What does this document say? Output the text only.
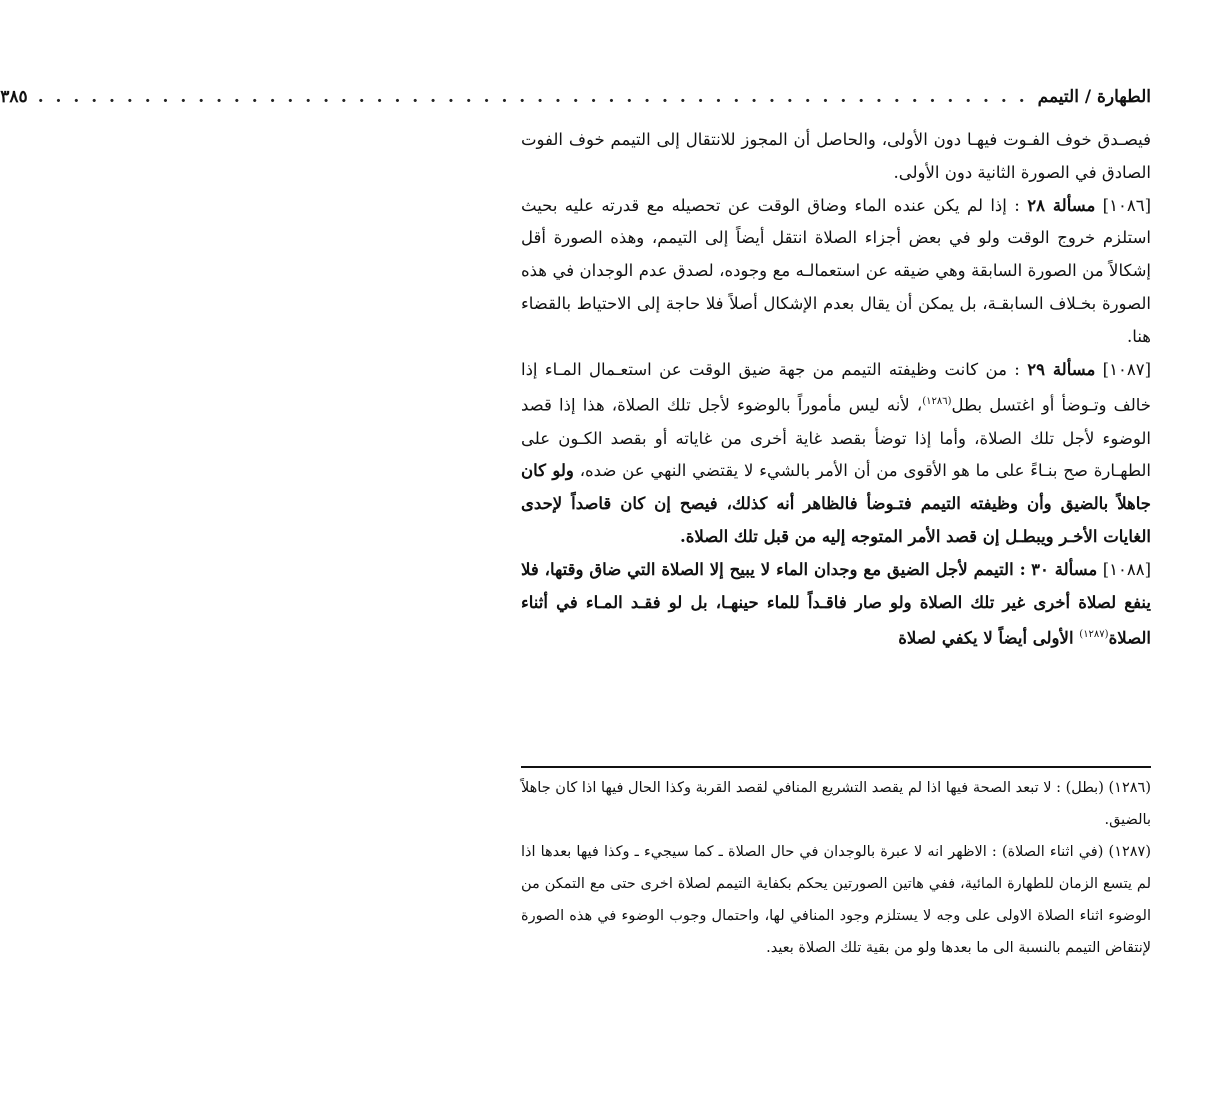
الطهارة / التيمم
. . . . . . . . . . . . . . . . . . . . . . . . . . . . . . . . . . . . . . . . . . . . . . . . . . . . . . . .
٣٨٥

فيصـدق خوف الفـوت فيهـا دون الأولى، والحاصل أن المجوز للانتقال إلى التيمم خوف الفوت الصادق في الصورة الثانية دون الأولى.

[١٠٨٦] مسألة ٢٨ : إذا لم يكن عنده الماء وضاق الوقت عن تحصيله مع قدرته عليه بحيث استلزم خروج الوقت ولو في بعض أجزاء الصلاة انتقل أيضاً إلى التيمم، وهذه الصورة أقل إشكالاً من الصورة السابقة وهي ضيقه عن استعمالـه مع وجوده، لصدق عدم الوجدان في هذه الصورة بخـلاف السابقـة، بل يمكن أن يقال بعدم الإشكال أصلاً فلا حاجة إلى الاحتياط بالقضاء هنا.

[١٠٨٧] مسألة ٢٩ : من كانت وظيفته التيمم من جهة ضيق الوقت عن استعـمال المـاء إذا خالف وتـوضأ أو اغتسل بطل$^{(١٢٨٦)}$، لأنه ليس مأموراً بالوضوء لأجل تلك الصلاة، هذا إذا قصد الوضوء لأجل تلك الصلاة، وأما إذا توضأ بقصد غاية أخرى من غاياته أو بقصد الكـون على الطهـارة صح بنـاءً على ما هو الأقوى من أن الأمر بالشيء لا يقتضي النهي عن ضده، ولو كان جاهلاً بالضيق وأن وظيفته التيمم فتـوضأ فالظاهر أنه كذلك، فيصح إن كان قاصداً لإحدى الغايات الأخـر ويبطـل إن قصد الأمر المتوجه إليه من قبل تلك الصلاة.

[١٠٨٨] مسألة ٣٠ : التيمم لأجل الضيق مع وجدان الماء لا يبيح إلا الصلاة التي ضاق وقتها، فلا ينفع لصلاة أخرى غير تلك الصلاة ولو صار فاقـداً للماء حينهـا، بل لو فقـد المـاء في أثناء الصلاة$^{(١٢٨٧)}$ الأولى أيضاً لا يكفي لصلاة

(١٢٨٦) (بطل) : لا تبعد الصحة فيها اذا لم يقصد التشريع المنافي لقصد القربة وكذا الحال فيها اذا كان جاهلاً بالضيق.

(١٢٨٧) (في اثناء الصلاة) : الاظهر انه لا عبرة بالوجدان في حال الصلاة ـ كما سيجيء ـ وكذا فيها بعدها اذا لم يتسع الزمان للطهارة المائية، ففي هاتين الصورتين يحكم بكفاية التيمم لصلاة اخرى حتى مع التمكن من الوضوء اثناء الصلاة الاولى على وجه لا يستلزم وجود المنافي لها، واحتمال وجوب الوضوء في هذه الصورة لإنتقاض التيمم بالنسبة الى ما بعدها ولو من بقية تلك الصلاة بعيد.
